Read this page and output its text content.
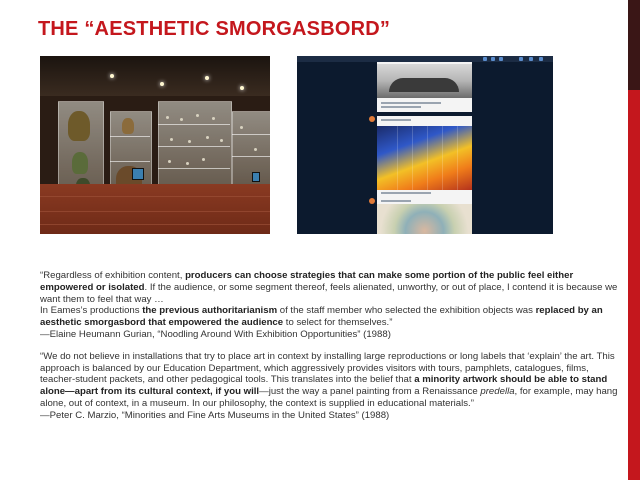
THE “AESTHETIC SMORGASBORD”

“Regardless of exhibition content, producers can choose strategies that can make some portion of the public feel either empowered or isolated. If the audience, or some segment thereof, feels alienated, unworthy, or out of place, I contend it is because we want them to feel that way …

In Eames’s productions the previous authoritarianism of the staff member who selected the exhibition objects was replaced by an aesthetic smorgasbord that empowered the audience to select for themselves.”

—Elaine Heumann Gurian, “Noodling Around With Exhibition Opportunities” (1988)

“We do not believe in installations that try to place art in context by installing large reproductions or long labels that ‘explain’ the art. This approach is balanced by our Education Department, which aggressively provides visitors with tours, pamphlets, catalogues, films, teacher-student packets, and other pedagogical tools. This translates into the belief that a minority artwork should be able to stand alone—apart from its cultural context, if you will—just the way a panel painting from a Renaissance predella, for example, may hang alone, out of context, in a museum. In our philosophy, the context is supplied in educational materials.”

—Peter C. Marzio, “Minorities and Fine Arts Museums in the United States” (1988)
